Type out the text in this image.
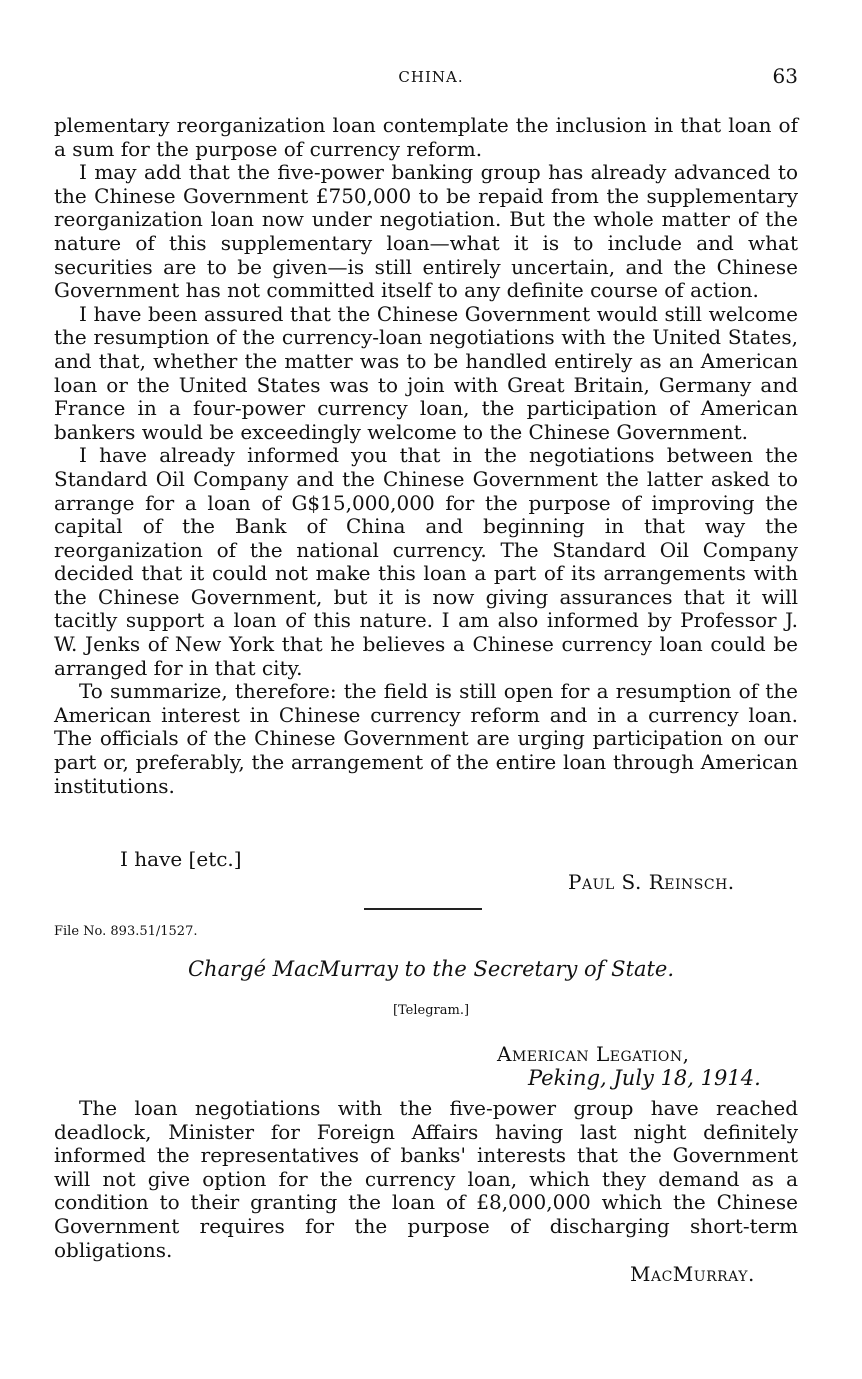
CHINA.	63

plementary reorganization loan contemplate the inclusion in that loan of a sum for the purpose of currency reform.

I may add that the five-power banking group has already advanced to the Chinese Government £750,000 to be repaid from the supplementary reorganization loan now under negotiation. But the whole matter of the nature of this supplementary loan—what it is to include and what securities are to be given—is still entirely uncertain, and the Chinese Government has not committed itself to any definite course of action.

I have been assured that the Chinese Government would still welcome the resumption of the currency-loan negotiations with the United States, and that, whether the matter was to be handled entirely as an American loan or the United States was to join with Great Britain, Germany and France in a four-power currency loan, the participation of American bankers would be exceedingly welcome to the Chinese Government.

I have already informed you that in the negotiations between the Standard Oil Company and the Chinese Government the latter asked to arrange for a loan of G$15,000,000 for the purpose of improving the capital of the Bank of China and beginning in that way the reorganization of the national currency. The Standard Oil Company decided that it could not make this loan a part of its arrangements with the Chinese Government, but it is now giving assurances that it will tacitly support a loan of this nature. I am also informed by Professor J. W. Jenks of New York that he believes a Chinese currency loan could be arranged for in that city.

To summarize, therefore: the field is still open for a resumption of the American interest in Chinese currency reform and in a currency loan. The officials of the Chinese Government are urging participation on our part or, preferably, the arrangement of the entire loan through American institutions.

I have [etc.]
Paul S. Reinsch.
File No. 893.51/1527.
Chargé MacMurray to the Secretary of State.
[Telegram.]
American Legation,
Peking, July 18, 1914.

The loan negotiations with the five-power group have reached deadlock, Minister for Foreign Affairs having last night definitely informed the representatives of banks' interests that the Government will not give option for the currency loan, which they demand as a condition to their granting the loan of £8,000,000 which the Chinese Government requires for the purpose of discharging short-term obligations.

MacMurray.
